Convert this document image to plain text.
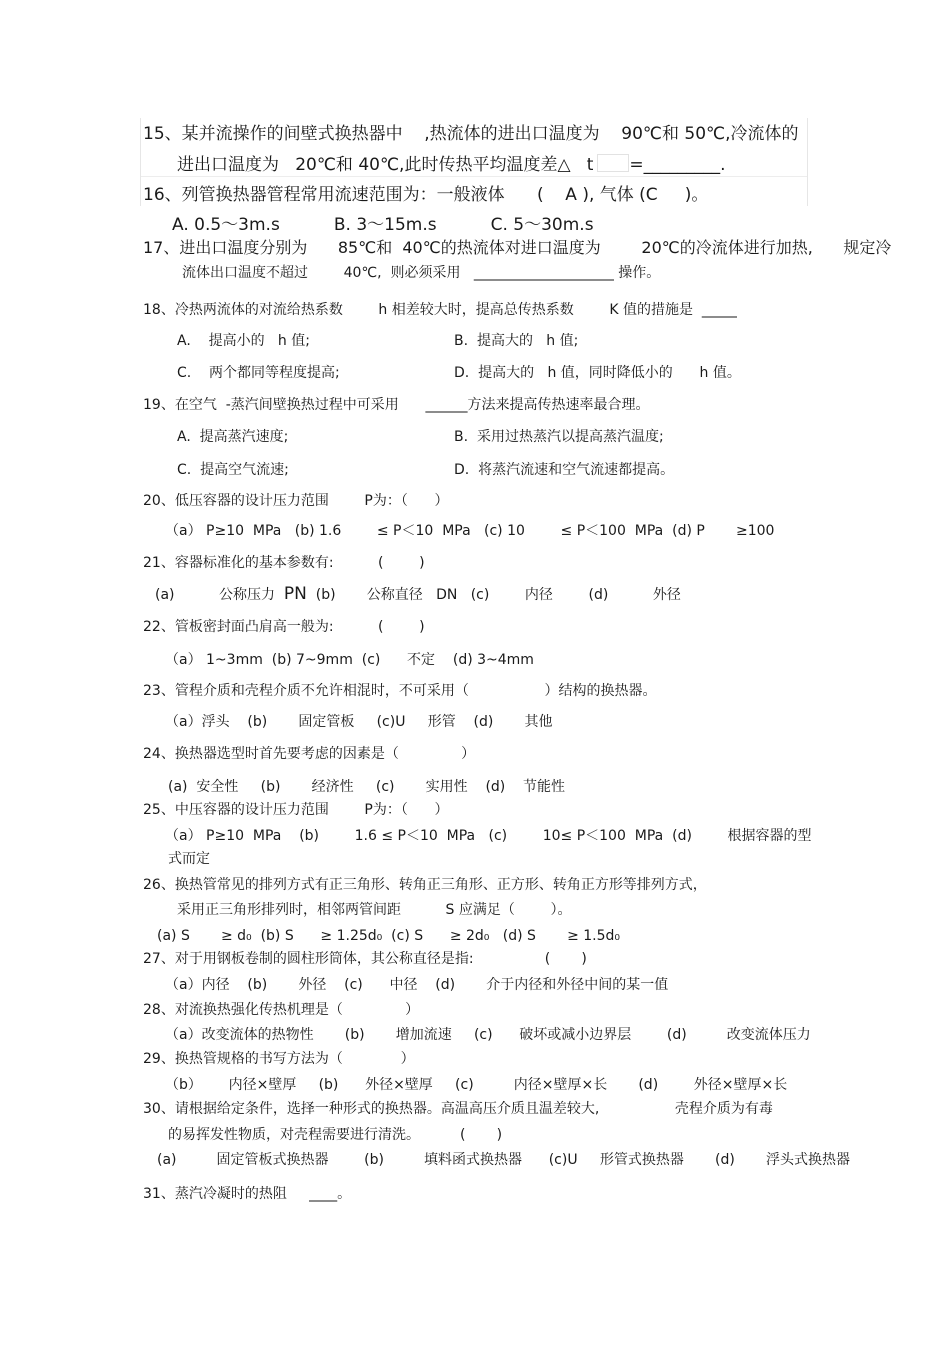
15、某并流操作的间壁式换热器中    ,热流体的进出口温度为    90℃和 50℃,冷流体的
进出口温度为   20℃和 40℃,此时传热平均温度差△   t =_________.
16、列管换热器管程常用流速范围为：一般液体      (    A ), 气体 (C     )。
A. 0.5～3m.s          B. 3～15m.s          C. 5～30m.s
17、进出口温度分别为      85℃和  40℃的热流体对进口温度为        20℃的冷流体进行加热,      规定冷
流体出口温度不超过        40℃,  则必须采用   ____________________ 操作。
18、冷热两流体的对流给热系数        h 相差较大时，提高总传热系数        K 值的措施是  _____
A.    提高小的   h 值;	B.  提高大的   h 值;
C.    两个都同等程度提高;	D.  提高大的   h 值，同时降低小的      h 值。
19、在空气  -蒸汽间壁换热过程中可采用      ______方法来提高传热速率最合理。
A.  提高蒸汽速度;	B.  采用过热蒸汽以提高蒸汽温度;
C.  提高空气流速;	D.  将蒸汽流速和空气流速都提高。
20、低压容器的设计压力范围        P为：（      ）
（a） P≥10  MPa   (b) 1.6        ≤ P＜10  MPa   (c) 10        ≤ P＜100  MPa  (d) P       ≥100
21、容器标准化的基本参数有:          (        )
(a)          公称压力  PN  (b)       公称直径   DN   (c)        内径        (d)          外径
22、管板密封面凸肩高一般为:          (        )
（a） 1~3mm  (b) 7~9mm  (c)      不定    (d) 3~4mm
23、管程介质和壳程介质不允许相混时，不可采用（                 ）结构的换热器。
（a）浮头    (b)       固定管板     (c)U     形管    (d)       其他
24、换热器选型时首先要考虑的因素是（              ）
(a)  安全性     (b)       经济性     (c)       实用性    (d)    节能性
25、中压容器的设计压力范围        P为：（      ）
（a） P≥10  MPa    (b)        1.6 ≤ P＜10  MPa   (c)        10≤ P＜100  MPa  (d)        根据容器的型
式而定
26、换热管常见的排列方式有正三角形、转角正三角形、正方形、转角正方形等排列方式，
采用正三角形排列时，相邻两管间距          S 应满足（        ）。
(a) S       ≥ d₀  (b) S      ≥ 1.25d₀  (c) S      ≥ 2d₀   (d) S       ≥ 1.5d₀
27、对于用钢板卷制的圆柱形筒体，其公称直径是指:                (       )
（a）内径    (b)       外径    (c)      中径    (d)       介于内径和外径中间的某一值
28、对流换热强化传热机理是（              ）
（a）改变流体的热物性       (b)       增加流速     (c)      破坏或减小边界层        (d)         改变流体压力
29、换热管规格的书写方法为（             ）
（b）      内径×壁厚     (b)      外径×壁厚     (c)         内径×壁厚×长       (d)        外径×壁厚×长
30、请根据给定条件，选择一种形式的换热器。高温高压介质且温差较大,                 壳程介质为有毒
的易挥发性物质，对壳程需要进行清洗。         (       )
(a)         固定管板式换热器        (b)         填料函式换热器      (c)U     形管式换热器       (d)       浮头式换热器
31、蒸汽冷凝时的热阻     ____。
